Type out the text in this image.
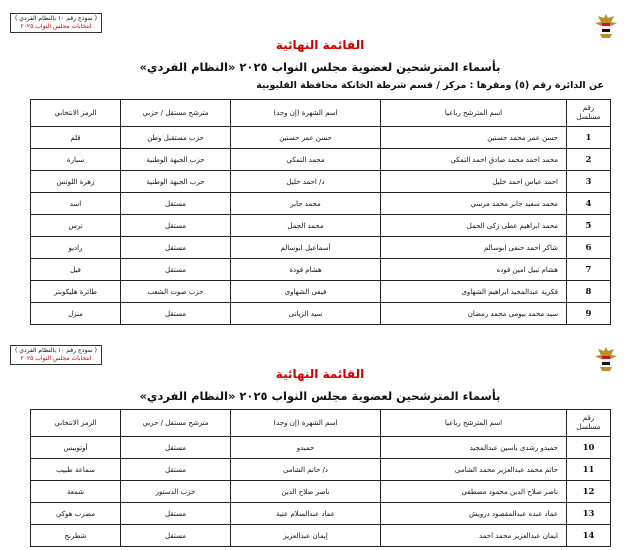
( نموذج رقم ١٠ بالنظام الفردي )
انتخابات مجلس النواب ٢٠٢٥
القائمة النهائية
بأسماء المترشحين لعضوية مجلس النواب ٢٠٢٥ «النظام الفردي»
عن الدائرة رقم (٥) ومقرها : مركز / قسم شرطة الخانكة محافظة القليوبية
رقم مسلسل	اسم المترشح رباعيا	اسم الشهرة (إن وجد)	مترشح مستقل / حزبي	الرمز الانتخابي
1	حسن عمر محمد حسنين	حسن عمر حسنين	حزب مستقبل وطن	قلم
2	محمد احمد محمد صادق احمد التمكي	محمد التمكي	حزب الجبهة الوطنية	سيارة
3	احمد عباس احمد خليل	د/ احمد خليل	حزب الجبهة الوطنية	زهرة اللوتس
4	محمد سعيد جابر محمد مرسي	محمد جابر	مستقل	اسد
5	محمد ابراهيم عطى زكى الجمل	محمد الجمل	مستقل	ترس
6	شاكر احمد حنفى ابوسالم	أسماعيل ابوسالم	مستقل	راديو
7	هشام نبيل امين فوده	هشام فودة	مستقل	فيل
8	فكرية عبدالمجيد ابراهيم الشهاوى	فيفى الشهاوى	حزب صوت الشعب	طائرة هليكوبتر
9	سيد محمد بيومى محمد رمضان	سيد الزيانى	مستقل	منزل
( نموذج رقم ١٠ بالنظام الفردي )
انتخابات مجلس النواب ٢٠٢٥
القائمة النهائية
بأسماء المترشحين لعضوية مجلس النواب ٢٠٢٥ «النظام الفردي»
رقم مسلسل	اسم المترشح رباعيا	اسم الشهرة (إن وجد)	مترشح مستقل / حزبي	الرمز الانتخابي
10	حميدو رشدى ياسين عبدالمجيد	حميدو	مستقل	أوتوبيس
11	حاتم محمد عبدالعزيز محمد الشامى	د/ حاتم الشامى	مستقل	سماعة طبيب
12	ناصر صلاح الدين محمود مصطفى	ناصر صلاح الدين	حزب الدستور	شمعة
13	عماد عبده عبدالمقصود درويش	عماد عبدالسلام عتية	مستقل	مضرب هوكي
14	ايمان عبدالعزيز محمد احمد	إيمان عبدالعزيز	مستقل	شطرنج
